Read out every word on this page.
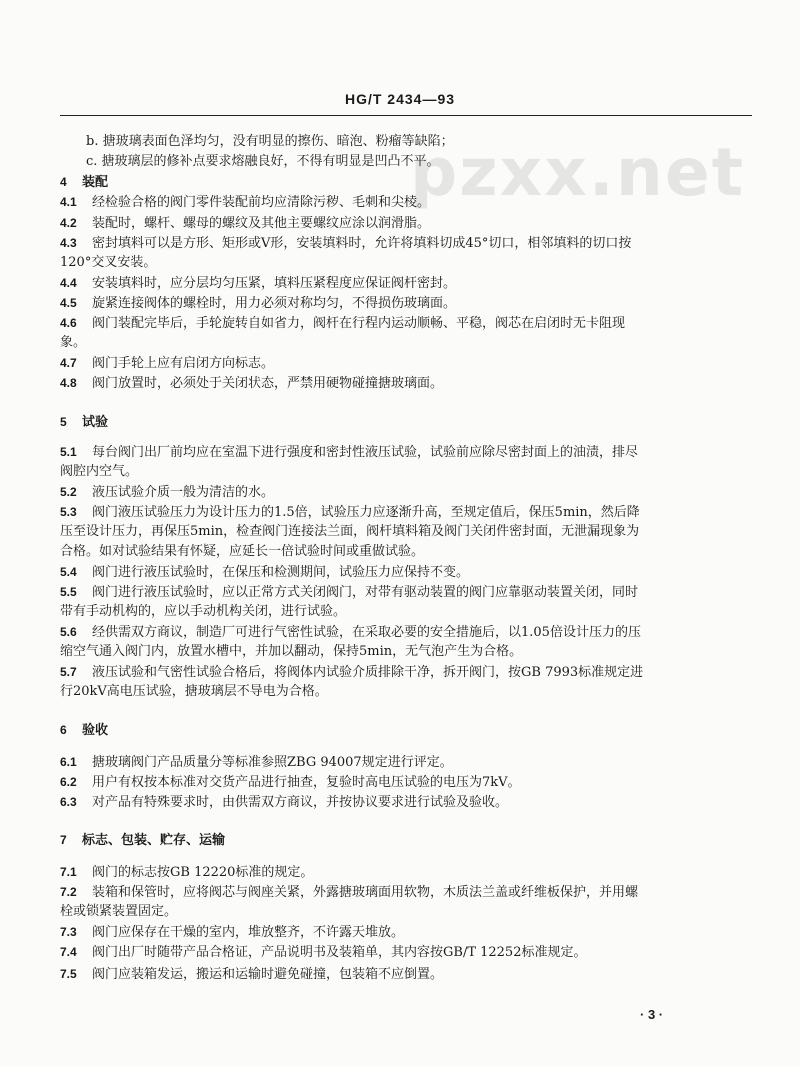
HG/T 2434—93
pzxx.net
b. 搪玻璃表面色泽均匀，没有明显的擦伤、暗泡、粉瘤等缺陷；
c. 搪玻璃层的修补点要求熔融良好，不得有明显是凹凸不平。
4 装配
4.1 经检验合格的阀门零件装配前均应清除污秽、毛刺和尖棱。
4.2 装配时，螺杆、螺母的螺纹及其他主要螺纹应涂以润滑脂。
4.3 密封填料可以是方形、矩形或V形，安装填料时，允许将填料切成45°切口，相邻填料的切口按
120°交叉安装。
4.4 安装填料时，应分层均匀压紧，填料压紧程度应保证阀杆密封。
4.5 旋紧连接阀体的螺栓时，用力必须对称均匀，不得损伤玻璃面。
4.6 阀门装配完毕后，手轮旋转自如省力，阀杆在行程内运动顺畅、平稳，阀芯在启闭时无卡阻现
象。
4.7 阀门手轮上应有启闭方向标志。
4.8 阀门放置时，必须处于关闭状态，严禁用硬物碰撞搪玻璃面。
5 试验
5.1 每台阀门出厂前均应在室温下进行强度和密封性液压试验，试验前应除尽密封面上的油渍，排尽
阀腔内空气。
5.2 液压试验介质一般为清洁的水。
5.3 阀门液压试验压力为设计压力的1.5倍，试验压力应逐渐升高，至规定值后，保压5min，然后降
压至设计压力，再保压5min，检查阀门连接法兰面，阀杆填料箱及阀门关闭件密封面，无泄漏现象为
合格。如对试验结果有怀疑，应延长一倍试验时间或重做试验。
5.4 阀门进行液压试验时，在保压和检测期间，试验压力应保持不变。
5.5 阀门进行液压试验时，应以正常方式关闭阀门，对带有驱动装置的阀门应靠驱动装置关闭，同时
带有手动机构的，应以手动机构关闭，进行试验。
5.6 经供需双方商议，制造厂可进行气密性试验，在采取必要的安全措施后，以1.05倍设计压力的压
缩空气通入阀门内，放置水槽中，并加以翻动，保持5min，无气泡产生为合格。
5.7 液压试验和气密性试验合格后，将阀体内试验介质排除干净，拆开阀门，按GB 7993标准规定进
行20kV高电压试验，搪玻璃层不导电为合格。
6 验收
6.1 搪玻璃阀门产品质量分等标准参照ZBG 94007规定进行评定。
6.2 用户有权按本标准对交货产品进行抽查，复验时高电压试验的电压为7kV。
6.3 对产品有特殊要求时，由供需双方商议，并按协议要求进行试验及验收。
7 标志、包装、贮存、运输
7.1 阀门的标志按GB 12220标准的规定。
7.2 装箱和保管时，应将阀芯与阀座关紧，外露搪玻璃面用软物，木质法兰盖或纤维板保护，并用螺
栓或锁紧装置固定。
7.3 阀门应保存在干燥的室内，堆放整齐，不许露天堆放。
7.4 阀门出厂时随带产品合格证，产品说明书及装箱单，其内容按GB/T 12252标准规定。
7.5 阀门应装箱发运，搬运和运输时避免碰撞，包装箱不应倒置。
· 3 ·
